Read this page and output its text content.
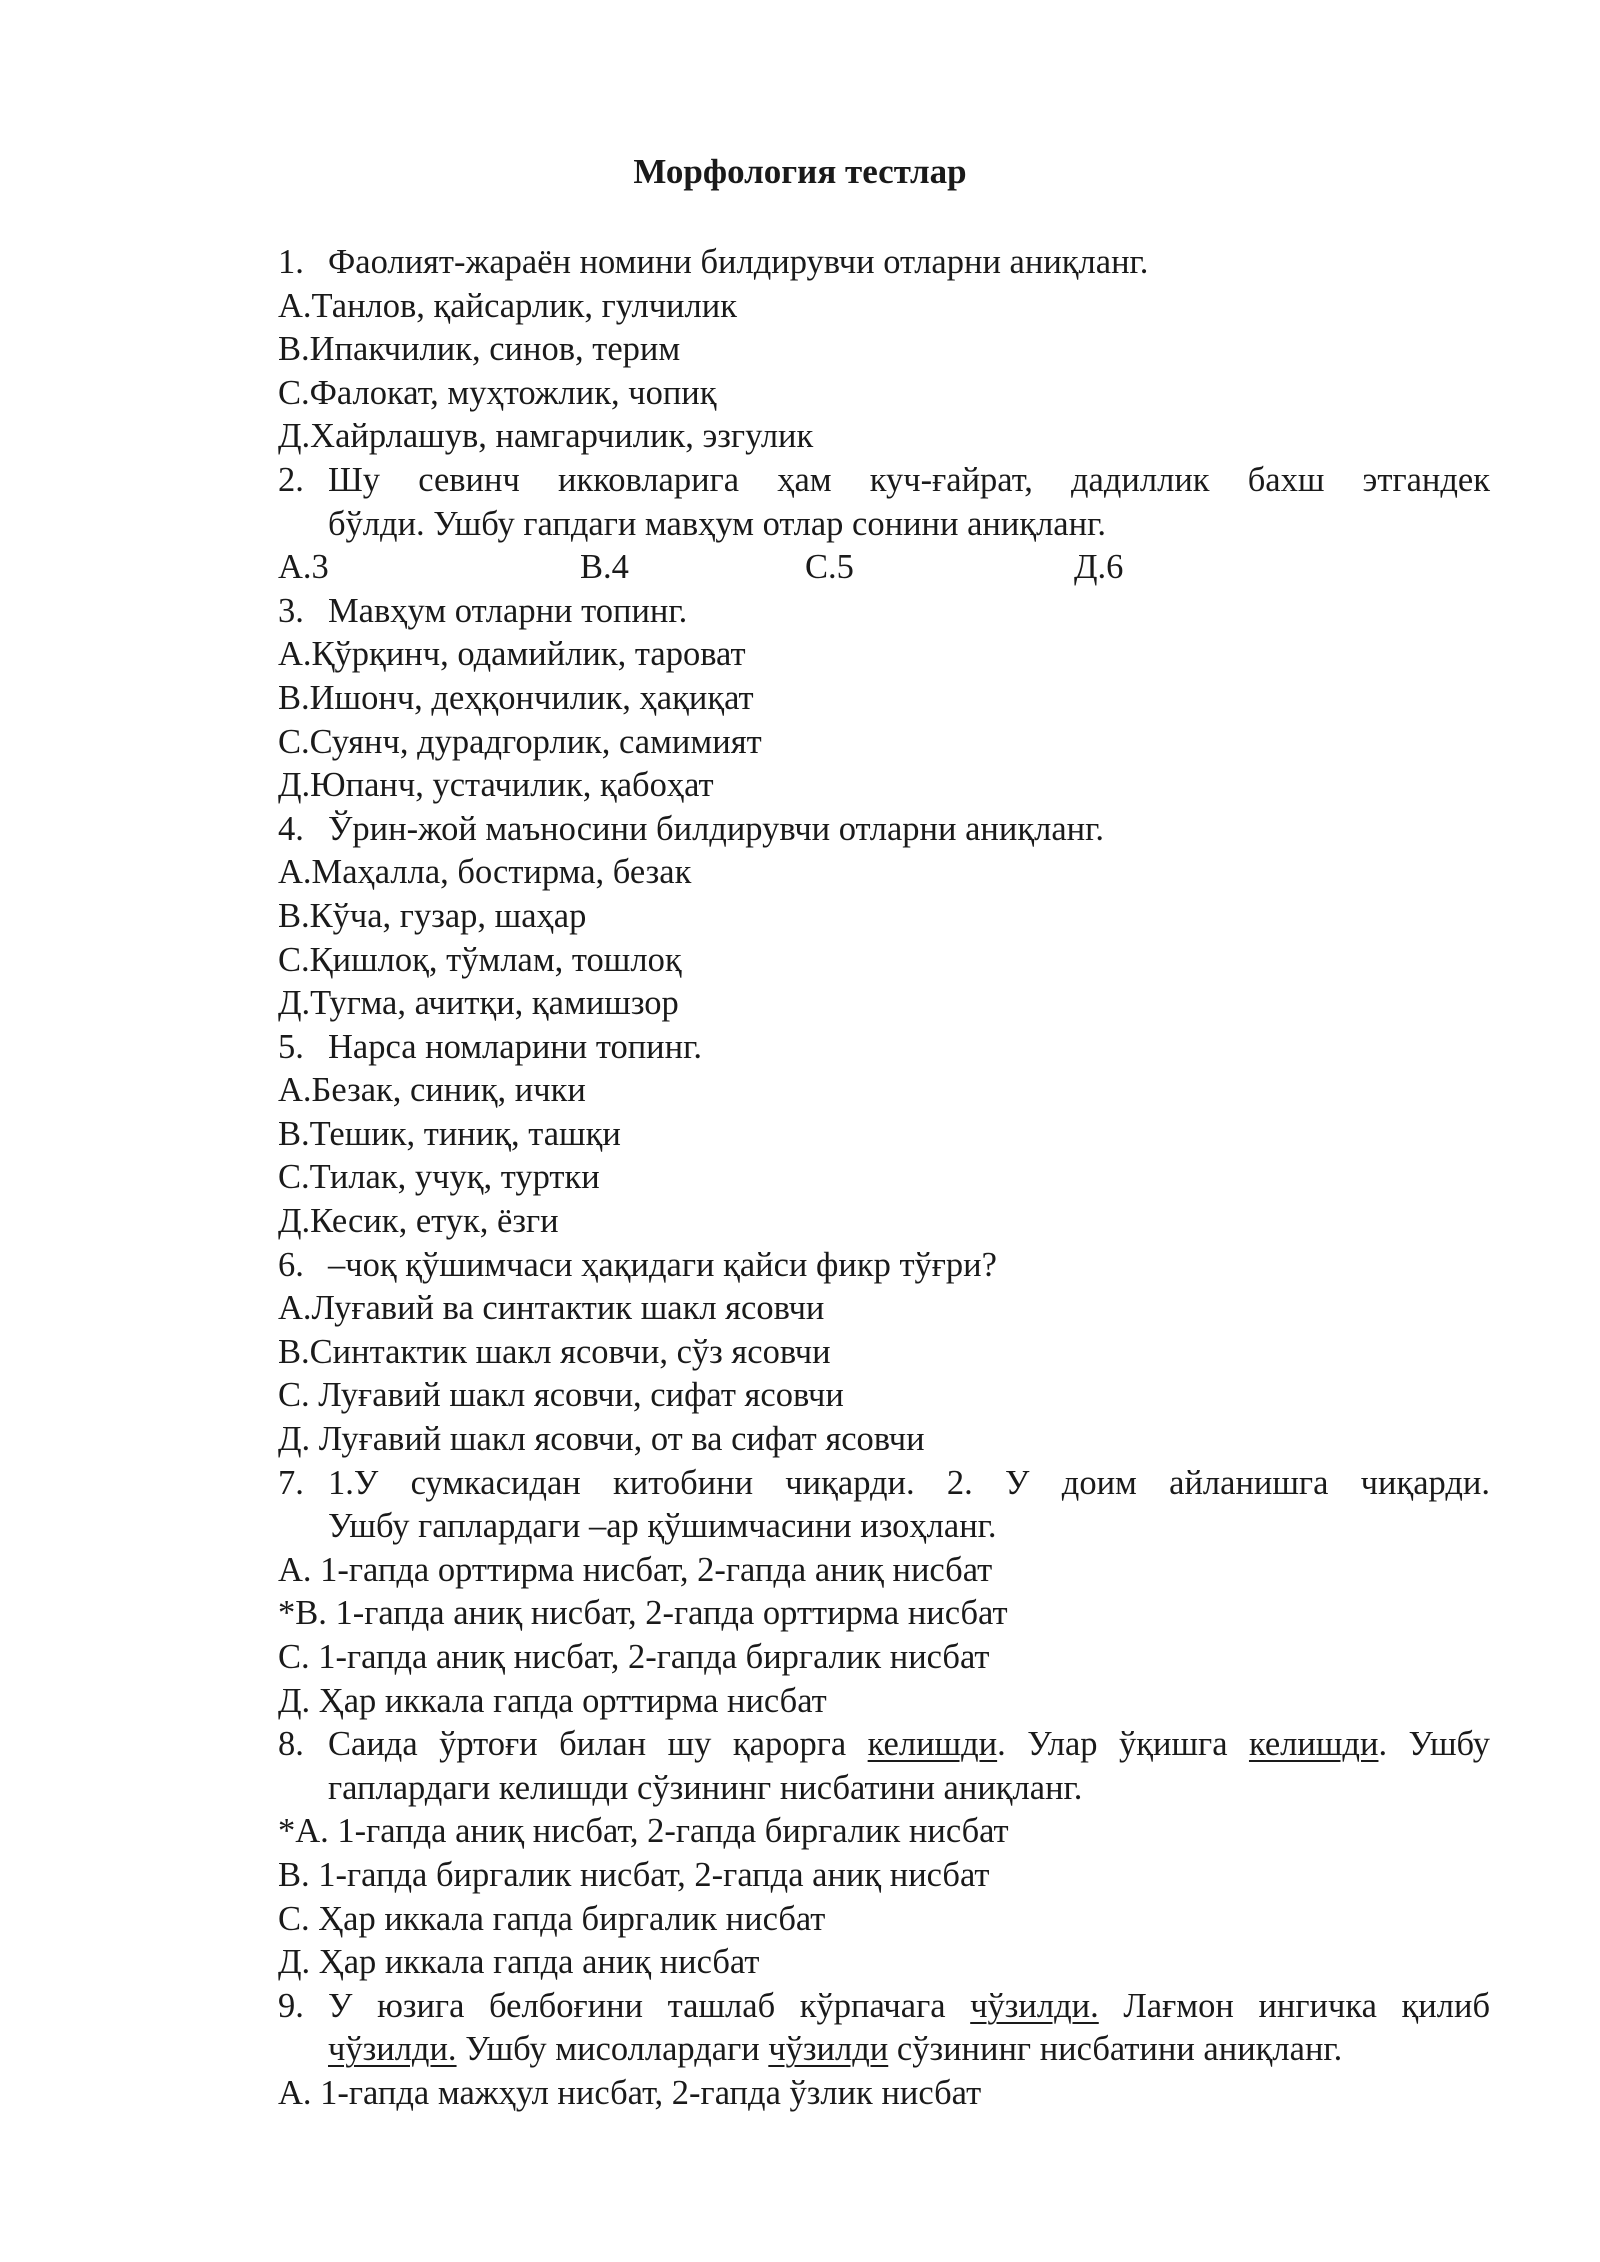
Морфология тестлар
1. Фаолият-жараён номини билдирувчи отларни аниқланг.
А.Танлов, қайсарлик, гулчилик
В.Ипакчилик, синов, терим
С.Фалокат, муҳтожлик, чопиқ
Д.Хайрлашув, намгарчилик, эзгулик
2. Шу севинч икковларига ҳам куч-ғайрат, дадиллик бахш этгандек
бўлди. Ушбу гапдаги мавҳум отлар сонини аниқланг.
А.3	В.4	С.5	Д.6
3. Мавҳум отларни топинг.
А.Қўрқинч, одамийлик, тароват
В.Ишонч, деҳқончилик, ҳақиқат
С.Суянч, дурадгорлик, самимият
Д.Юпанч, устачилик, қабоҳат
4. Ўрин-жой маъносини билдирувчи отларни аниқланг.
А.Маҳалла, бостирма, безак
В.Кўча, гузар, шаҳар
С.Қишлоқ, тўмлам, тошлоқ
Д.Тугма, ачитқи, қамишзор
5. Нарса номларини топинг.
А.Безак, синиқ, ички
В.Тешик, тиниқ, ташқи
С.Тилак, учуқ, туртки
Д.Кесик, етук, ёзги
6. –чоқ қўшимчаси ҳақидаги қайси фикр тўғри?
А.Луғавий ва синтактик шакл ясовчи
В.Синтактик шакл ясовчи, сўз ясовчи
С. Луғавий шакл ясовчи, сифат ясовчи
Д. Луғавий шакл ясовчи, от ва сифат ясовчи
7. 1.У сумкасидан китобини чиқарди. 2. У доим айланишга чиқарди.
Ушбу гаплардаги –ар қўшимчасини изоҳланг.
А. 1-гапда орттирма нисбат, 2-гапда аниқ нисбат
*В. 1-гапда аниқ нисбат, 2-гапда орттирма нисбат
С. 1-гапда аниқ нисбат, 2-гапда биргалик нисбат
Д. Ҳар иккала гапда орттирма нисбат
8. Саида ўртоғи билан шу қарорга келишди. Улар ўқишга келишди. Ушбу
гаплардаги келишди сўзининг нисбатини аниқланг.
*А. 1-гапда аниқ нисбат, 2-гапда биргалик нисбат
В. 1-гапда биргалик нисбат, 2-гапда аниқ нисбат
С. Ҳар иккала гапда биргалик нисбат
Д. Ҳар иккала гапда аниқ нисбат
9. У юзига белбоғини ташлаб кўрпачага чўзилди. Лағмон ингичка қилиб
чўзилди. Ушбу мисоллардаги чўзилди сўзининг нисбатини аниқланг.
А. 1-гапда мажҳул нисбат, 2-гапда ўзлик нисбат
